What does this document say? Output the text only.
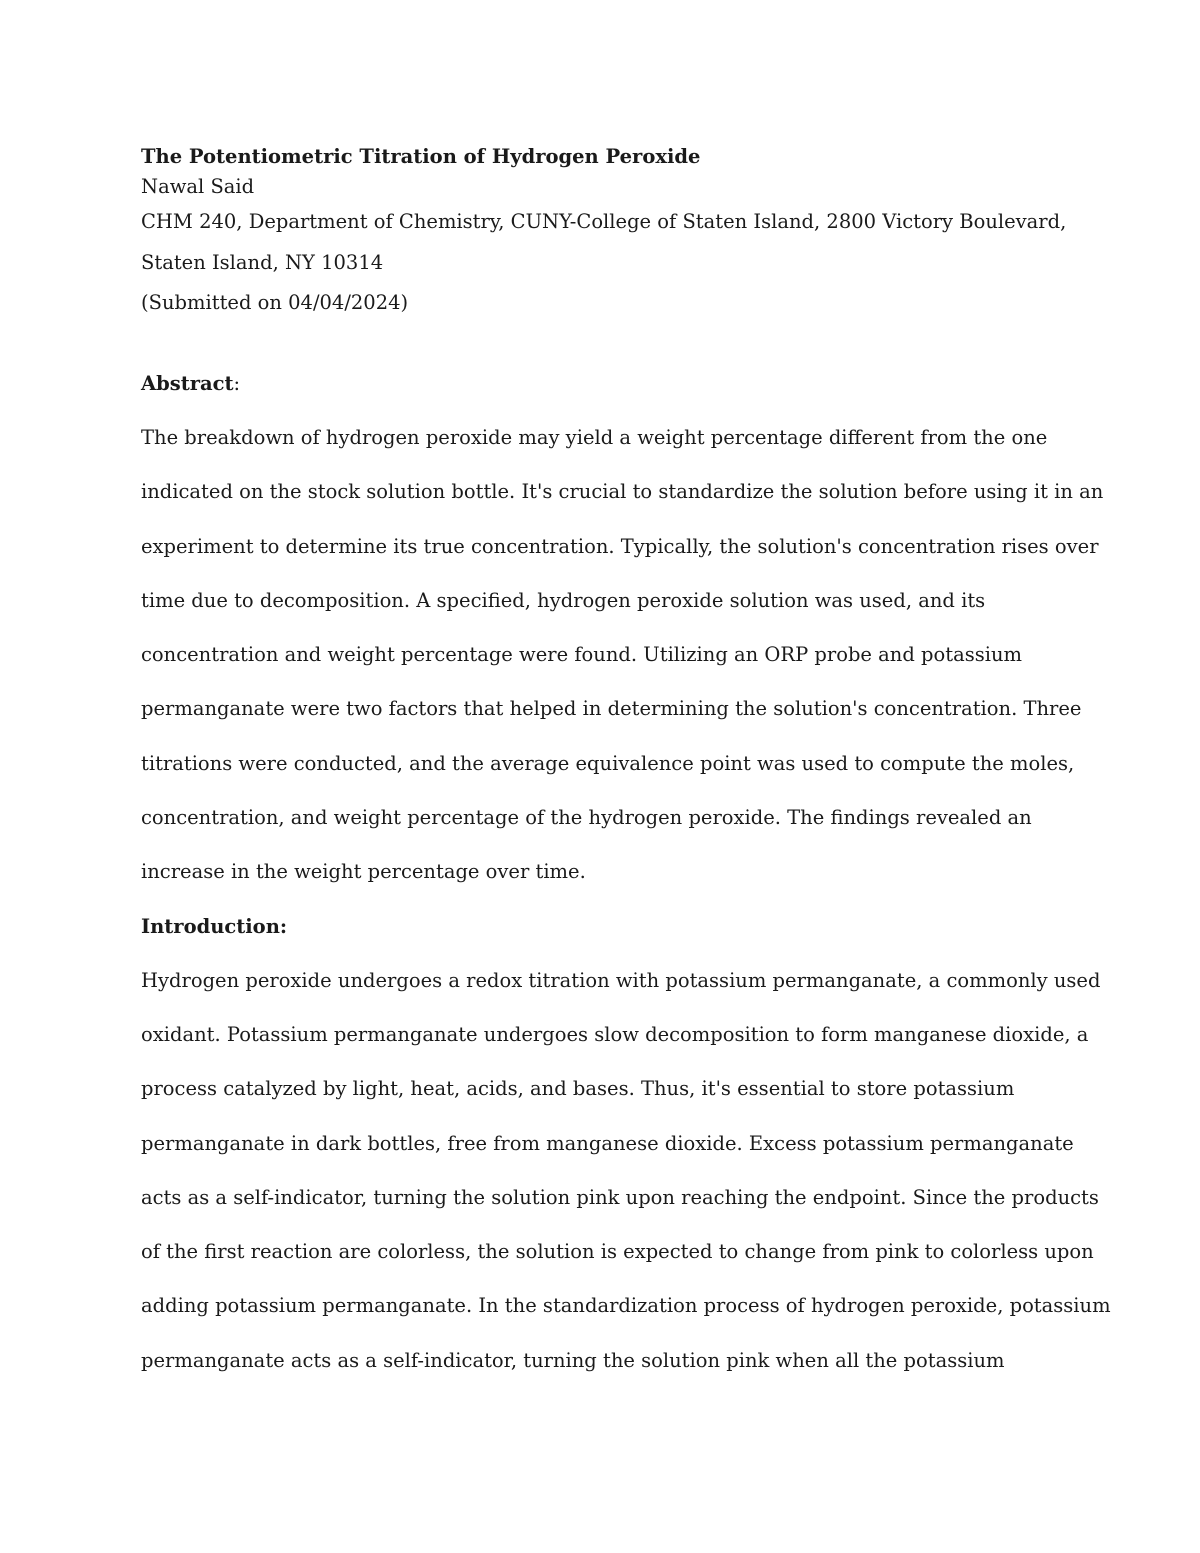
The Potentiometric Titration of Hydrogen Peroxide

Nawal Said

CHM 240, Department of Chemistry, CUNY-College of Staten Island, 2800 Victory Boulevard,
Staten Island, NY 10314

(Submitted on 04/04/2024)

Abstract:

The breakdown of hydrogen peroxide may yield a weight percentage different from the one
indicated on the stock solution bottle. It's crucial to standardize the solution before using it in an
experiment to determine its true concentration. Typically, the solution's concentration rises over
time due to decomposition. A specified, hydrogen peroxide solution was used, and its
concentration and weight percentage were found. Utilizing an ORP probe and potassium
permanganate were two factors that helped in determining the solution's concentration. Three
titrations were conducted, and the average equivalence point was used to compute the moles,
concentration, and weight percentage of the hydrogen peroxide. The findings revealed an
increase in the weight percentage over time.

Introduction:

Hydrogen peroxide undergoes a redox titration with potassium permanganate, a commonly used
oxidant. Potassium permanganate undergoes slow decomposition to form manganese dioxide, a
process catalyzed by light, heat, acids, and bases. Thus, it's essential to store potassium
permanganate in dark bottles, free from manganese dioxide. Excess potassium permanganate
acts as a self-indicator, turning the solution pink upon reaching the endpoint. Since the products
of the first reaction are colorless, the solution is expected to change from pink to colorless upon
adding potassium permanganate. In the standardization process of hydrogen peroxide, potassium
permanganate acts as a self-indicator, turning the solution pink when all the potassium
